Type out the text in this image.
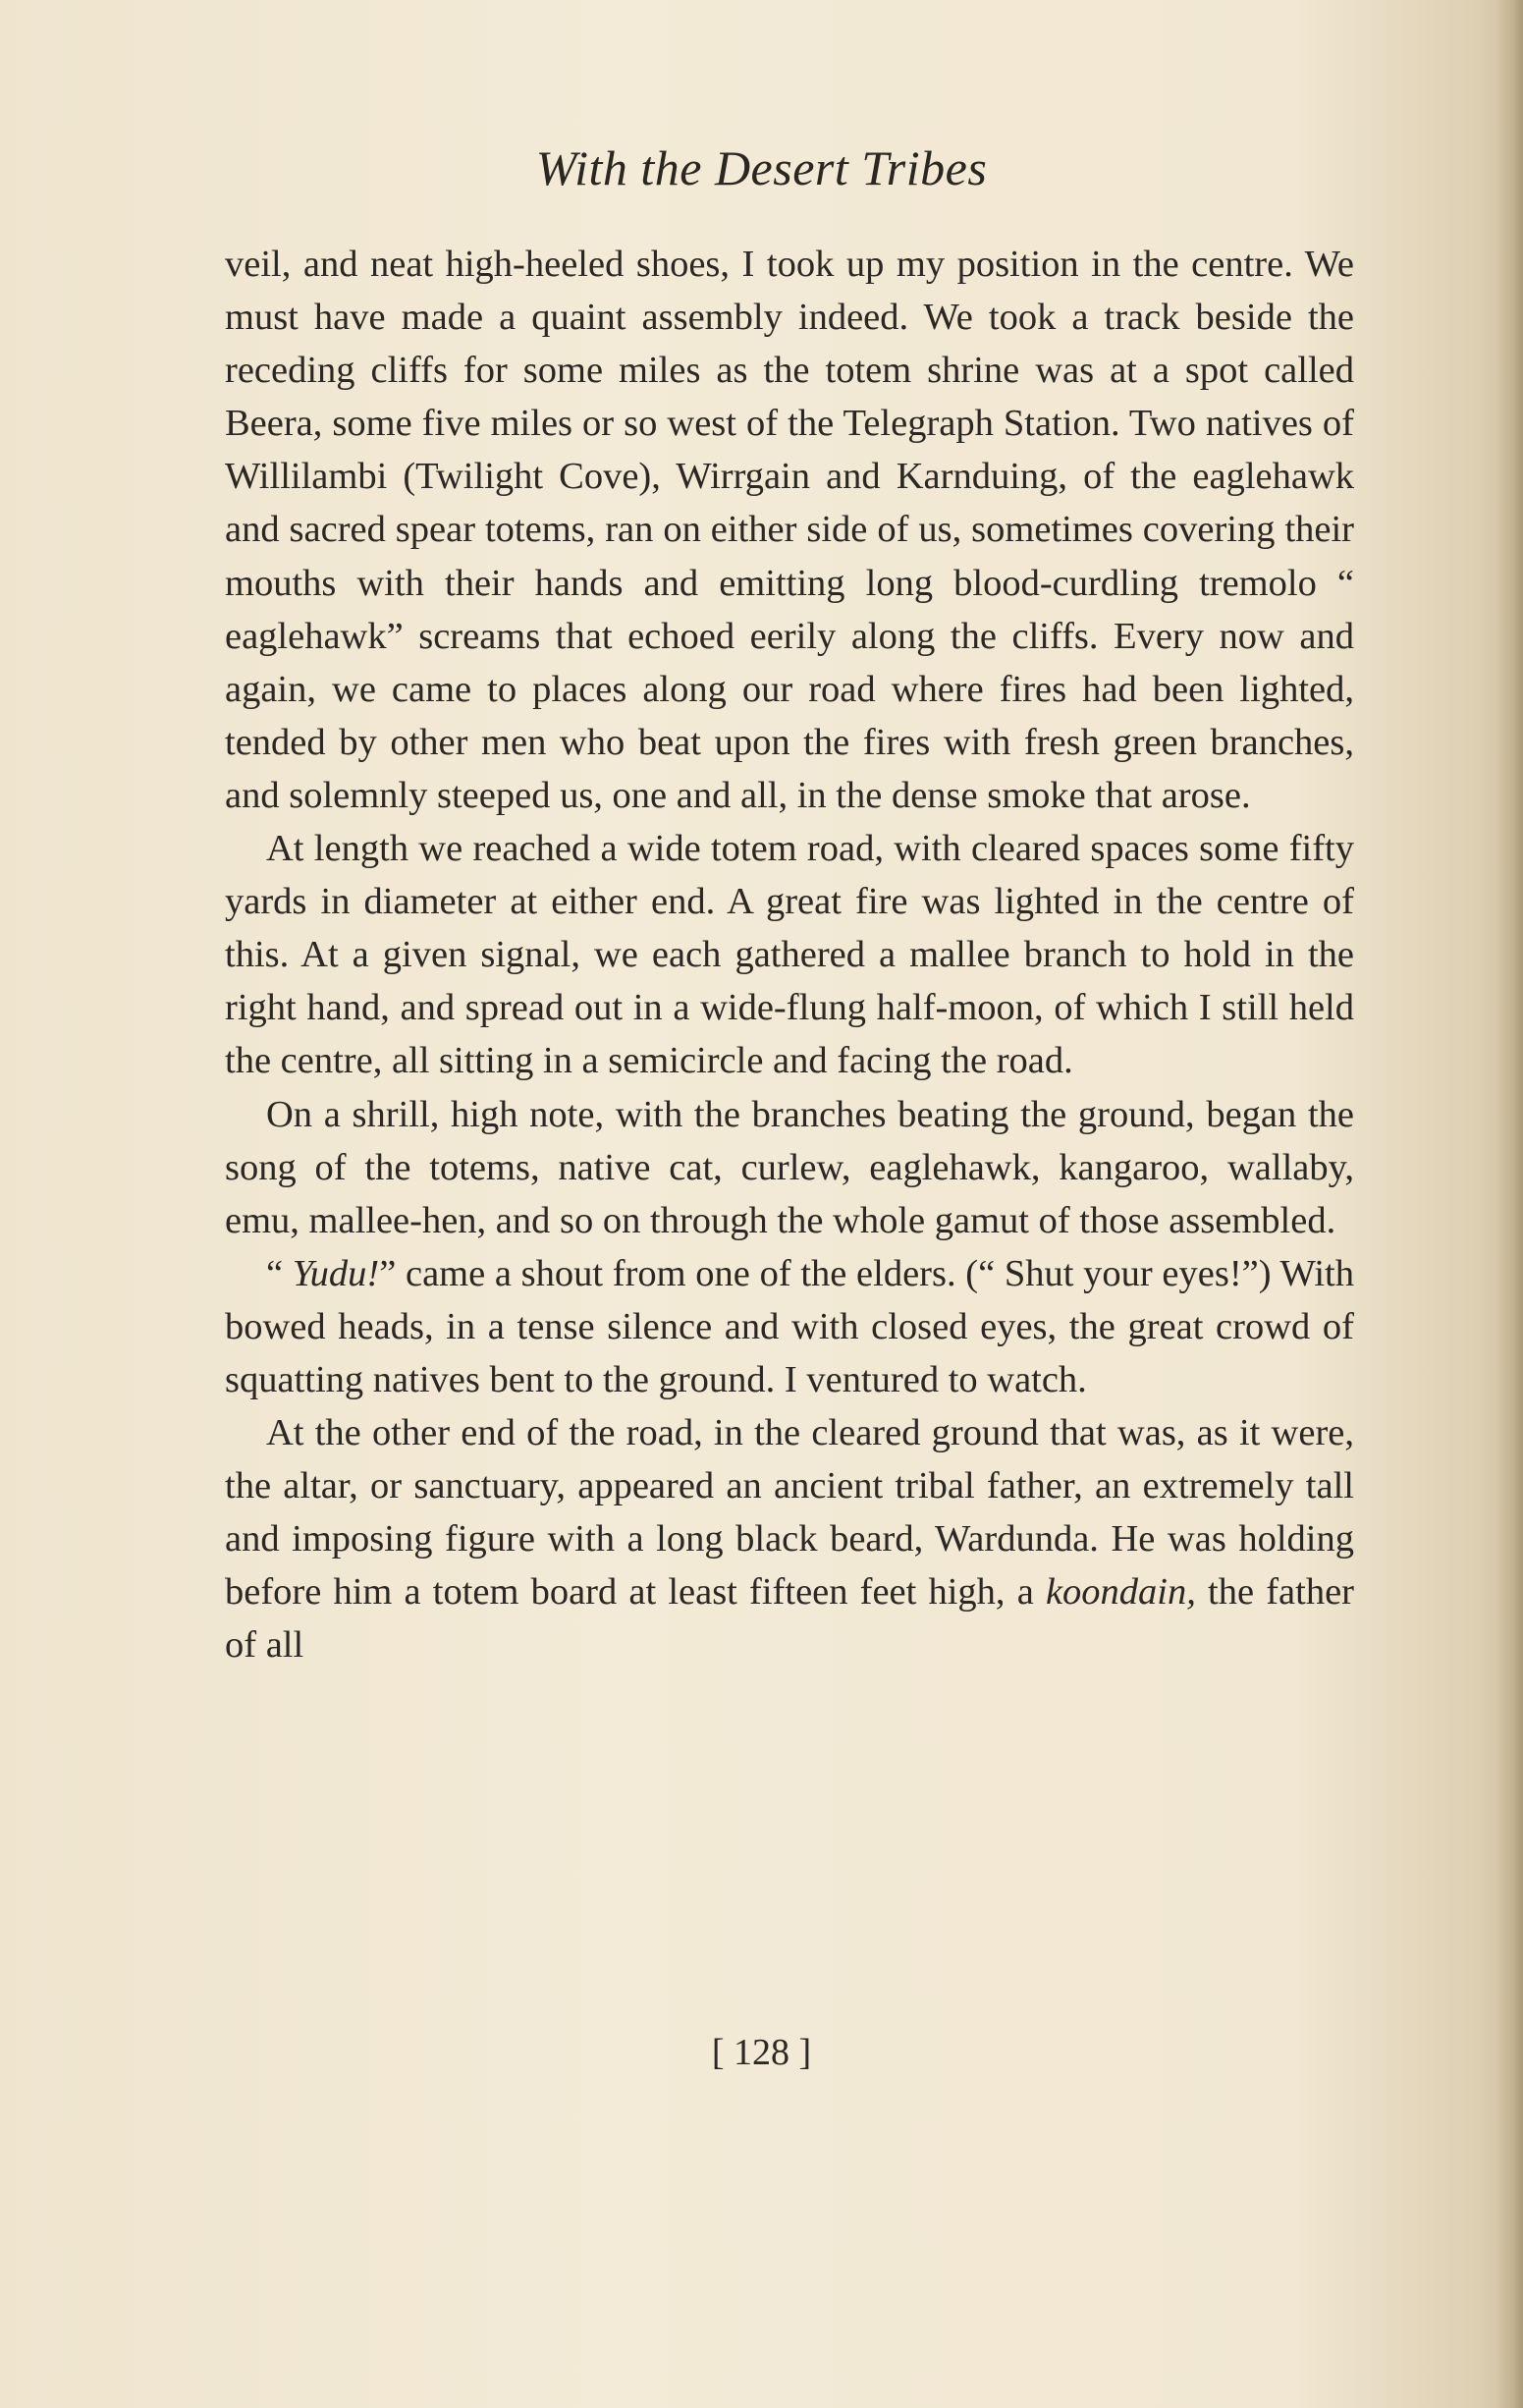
With the Desert Tribes

veil, and neat high-heeled shoes, I took up my position in the centre. We must have made a quaint assembly indeed. We took a track beside the receding cliffs for some miles as the totem shrine was at a spot called Beera, some five miles or so west of the Telegraph Station. Two natives of Willilambi (Twilight Cove), Wirrgain and Karnduing, of the eaglehawk and sacred spear totems, ran on either side of us, sometimes covering their mouths with their hands and emitting long blood-curdling tremolo “ eaglehawk” screams that echoed eerily along the cliffs. Every now and again, we came to places along our road where fires had been lighted, tended by other men who beat upon the fires with fresh green branches, and solemnly steeped us, one and all, in the dense smoke that arose.

At length we reached a wide totem road, with cleared spaces some fifty yards in diameter at either end. A great fire was lighted in the centre of this. At a given signal, we each gathered a mallee branch to hold in the right hand, and spread out in a wide-flung half-moon, of which I still held the centre, all sitting in a semicircle and facing the road.

On a shrill, high note, with the branches beating the ground, began the song of the totems, native cat, curlew, eaglehawk, kangaroo, wallaby, emu, mallee-hen, and so on through the whole gamut of those assembled.

“ Yudu!” came a shout from one of the elders. (“ Shut your eyes!”) With bowed heads, in a tense silence and with closed eyes, the great crowd of squatting natives bent to the ground. I ventured to watch.

At the other end of the road, in the cleared ground that was, as it were, the altar, or sanctuary, appeared an ancient tribal father, an extremely tall and imposing figure with a long black beard, Wardunda. He was holding before him a totem board at least fifteen feet high, a koondain, the father of all

[ 128 ]
